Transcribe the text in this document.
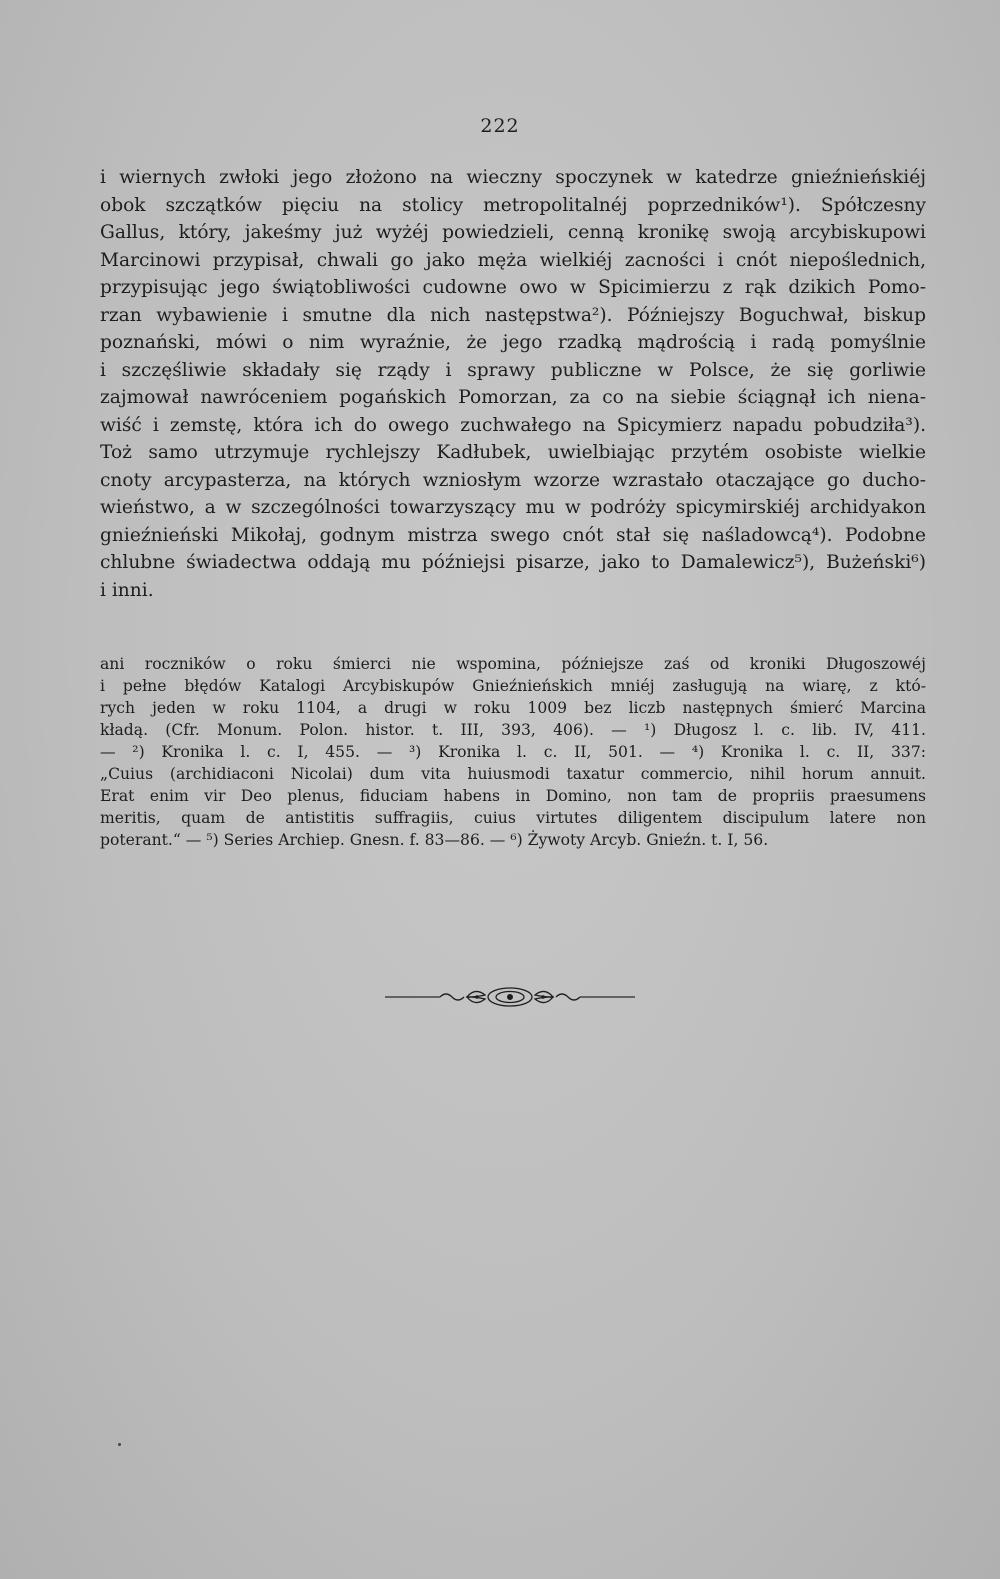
222
i wiernych zwłoki jego złożono na wieczny spoczynek w katedrze gnieźnieńskiéj
obok szczątków pięciu na stolicy metropolitalnéj poprzedników¹). Spółczesny
Gallus, który, jakeśmy już wyżéj powiedzieli, cenną kronikę swoją arcybiskupowi
Marcinowi przypisał, chwali go jako męża wielkiéj zacności i cnót niepoślednich,
przypisując jego świątobliwości cudowne owo w Spicimierzu z rąk dzikich Pomo-
rzan wybawienie i smutne dla nich następstwa²). Późniejszy Boguchwał, biskup
poznański, mówi o nim wyraźnie, że jego rzadką mądrością i radą pomyślnie
i szczęśliwie składały się rządy i sprawy publiczne w Polsce, że się gorliwie
zajmował nawróceniem pogańskich Pomorzan, za co na siebie ściągnął ich niena-
wiść i zemstę, która ich do owego zuchwałego na Spicymierz napadu pobudziła³).
Toż samo utrzymuje rychlejszy Kadłubek, uwielbiając przytém osobiste wielkie
cnoty arcypasterza, na których wzniosłym wzorze wzrastało otaczające go ducho-
wieństwo, a w szczególności towarzyszący mu w podróży spicymirskiéj archidyakon
gnieźnieński Mikołaj, godnym mistrza swego cnót stał się naśladowcą⁴). Podobne
chlubne świadectwa oddają mu późniejsi pisarze, jako to Damalewicz⁵), Bużeński⁶)
i inni.
ani roczników o roku śmierci nie wspomina, późniejsze zaś od kroniki Długoszowéj
i pełne błędów Katalogi Arcybiskupów Gnieźnieńskich mniéj zasługują na wiarę, z któ-
rych jeden w roku 1104, a drugi w roku 1009 bez liczb następnych śmierć Marcina
kładą. (Cfr. Monum. Polon. histor. t. III, 393, 406). — ¹) Długosz l. c. lib. IV, 411.
— ²) Kronika l. c. I, 455. — ³) Kronika l. c. II, 501. — ⁴) Kronika l. c. II, 337:
„Cuius (archidiaconi Nicolai) dum vita huiusmodi taxatur commercio, nihil horum annuit.
Erat enim vir Deo plenus, fiduciam habens in Domino, non tam de propriis praesumens
meritis, quam de antistitis suffragiis, cuius virtutes diligentem discipulum latere non
poterant.“ — ⁵) Series Archiep. Gnesn. f. 83—86. — ⁶) Żywoty Arcyb. Gnieźn. t. I, 56.
